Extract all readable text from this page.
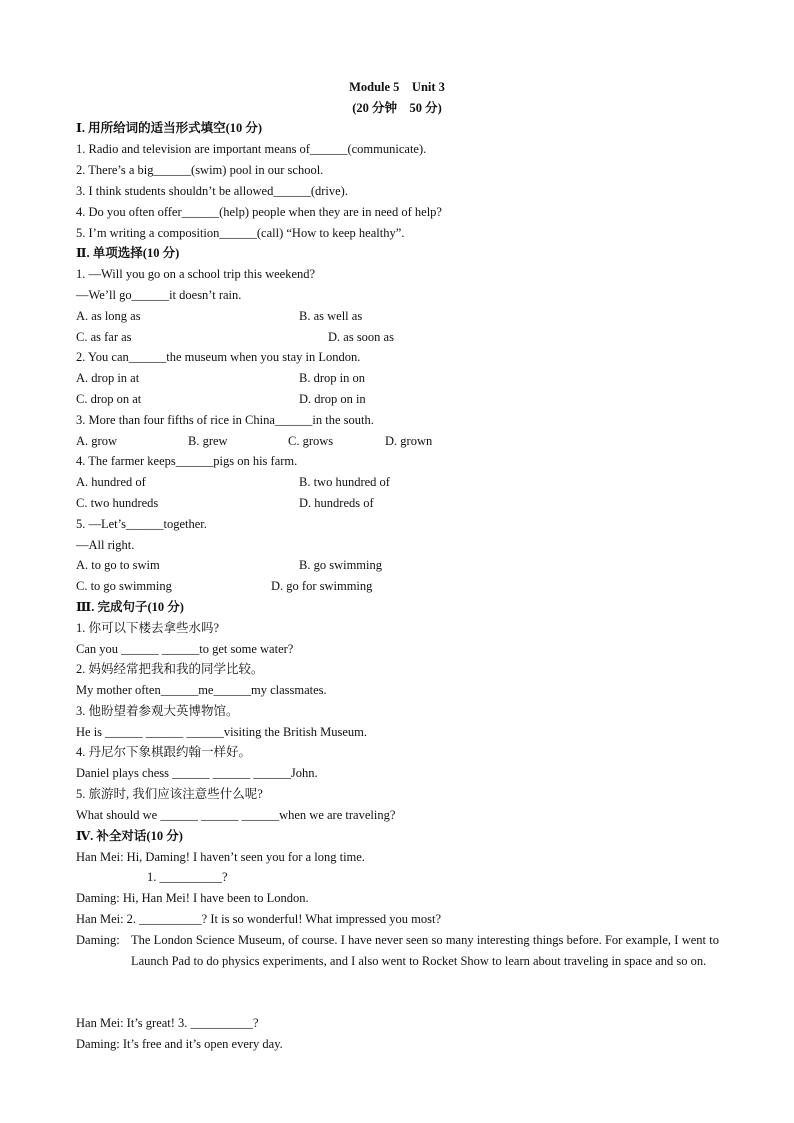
Module 5    Unit 3
(20 分钟    50 分)
Ⅰ. 用所给词的适当形式填空(10 分)
1. Radio and television are important means of______(communicate).
2. There’s a big______(swim) pool in our school.
3. I think students shouldn’t be allowed______(drive).
4. Do you often offer______(help) people when they are in need of help?
5. I’m writing a composition______(call) “How to keep healthy”.
Ⅱ. 单项选择(10 分)
1. —Will you go on a school trip this weekend?
—We’ll go______it doesn’t rain.
A. as long as	B. as well as
C. as far as	D. as soon as
2. You can______the museum when you stay in London.
A. drop in at	B. drop in on
C. drop on at	D. drop on in
3. More than four fifths of rice in China______in the south.
A. grow	B. grew	C. grows	D. grown
4. The farmer keeps______pigs on his farm.
A. hundred of	B. two hundred of
C. two hundreds	D. hundreds of
5. —Let’s______together.
—All right.
A. to go to swim	B. go swimming
C. to go swimming	D. go for swimming
Ⅲ. 完成句子(10 分)
1. 你可以下楼去拿些水吗?
Can you ______ ______to get some water?
2. 妈妈经常把我和我的同学比较。
My mother often______me______my classmates.
3. 他盼望着参观大英博物馆。
He is ______ ______ ______visiting the British Museum.
4. 丹尼尔下象棋跟约翰一样好。
Daniel plays chess ______ ______ ______John.
5. 旅游时, 我们应该注意些什么呢?
What should we ______ ______ ______when we are traveling?
Ⅳ. 补全对话(10 分)
Han Mei: Hi, Daming! I haven’t seen you for a long time.
1. __________?
Daming: Hi, Han Mei! I have been to London.
Han Mei: 2. __________? It is so wonderful! What impressed you most?
Daming: The London Science Museum, of course. I have never seen so many interesting things before. For example, I went to Launch Pad to do physics experiments, and I also went to Rocket Show to learn about traveling in space and so on.
Han Mei: It’s great! 3. __________?
Daming: It’s free and it’s open every day.
